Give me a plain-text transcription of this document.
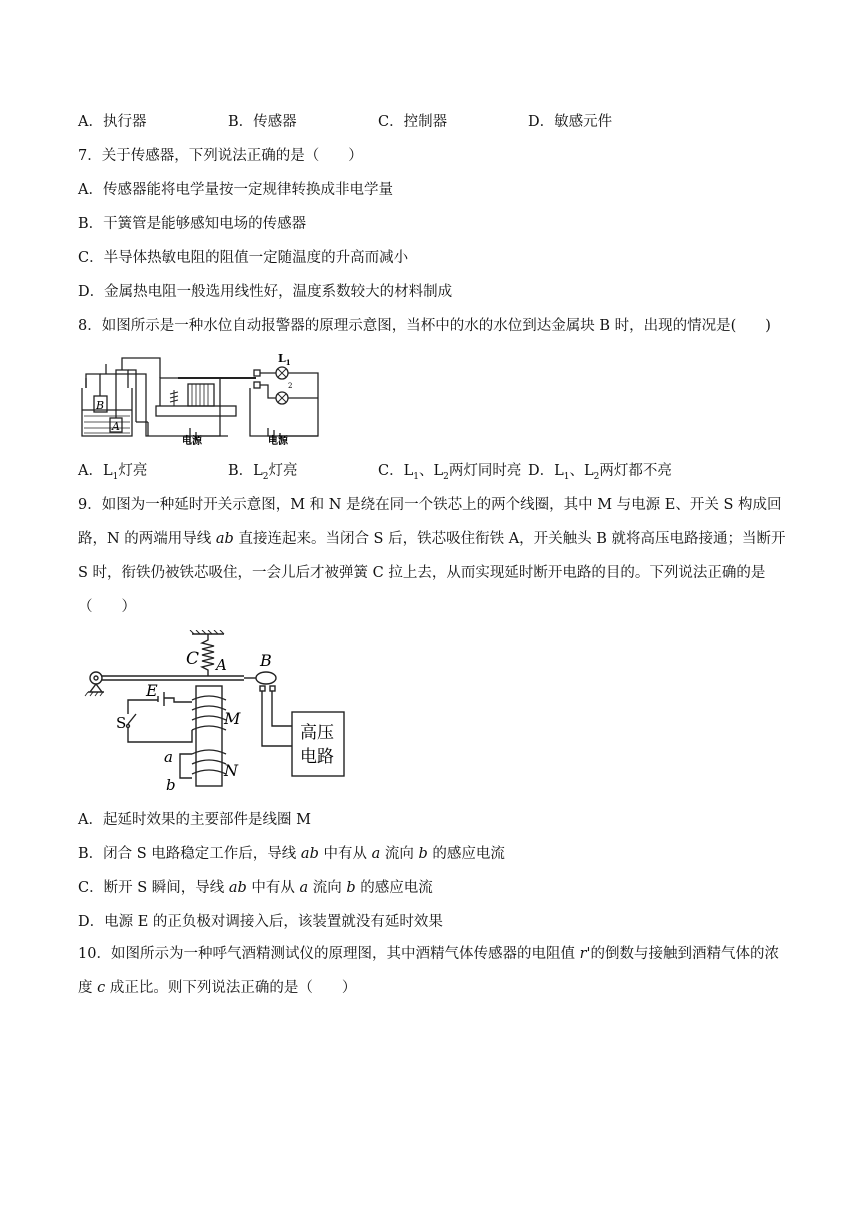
A．执行器	B．传感器	C．控制器	D．敏感元件
7．关于传感器，下列说法正确的是（　　）
A．传感器能将电学量按一定规律转换成非电学量
B．干簧管是能够感知电场的传感器
C．半导体热敏电阻的阻值一定随温度的升高而减小
D．金属热电阻一般选用线性好，温度系数较大的材料制成
8．如图所示是一种水位自动报警器的原理示意图，当杯中的水的水位到达金属块 B 时，出现的情况是(　　)
B
A
$L_1$
2
电源	电源
A．$L_1$灯亮	B．$L_2$灯亮	C．$L_1$、$L_2$两灯同时亮 D．$L_1$、$L_2$两灯都不亮
9．如图为一种延时开关示意图，M 和 N 是绕在同一个铁芯上的两个线圈，其中 M 与电源 E、开关 S 构成回路，N 的两端用导线 ab 直接连起来。当闭合 S 后，铁芯吸住衔铁 A，开关触头 B 就将高压电路接通；当断开 S 时，衔铁仍被铁芯吸住，一会儿后才被弹簧 C 拉上去，从而实现延时断开电路的目的。下列说法正确的是（　　）
C A B
E
S	M
N
a
b
高压
电路
A．起延时效果的主要部件是线圈 M
B．闭合 S 电路稳定工作后，导线 ab 中有从 a 流向 b 的感应电流
C．断开 S 瞬间，导线 ab 中有从 a 流向 b 的感应电流
D．电源 E 的正负极对调接入后，该装置就没有延时效果
10．如图所示为一种呼气酒精测试仪的原理图，其中酒精气体传感器的电阻值 r'的倒数与接触到酒精气体的浓度 c 成正比。则下列说法正确的是（　　）
